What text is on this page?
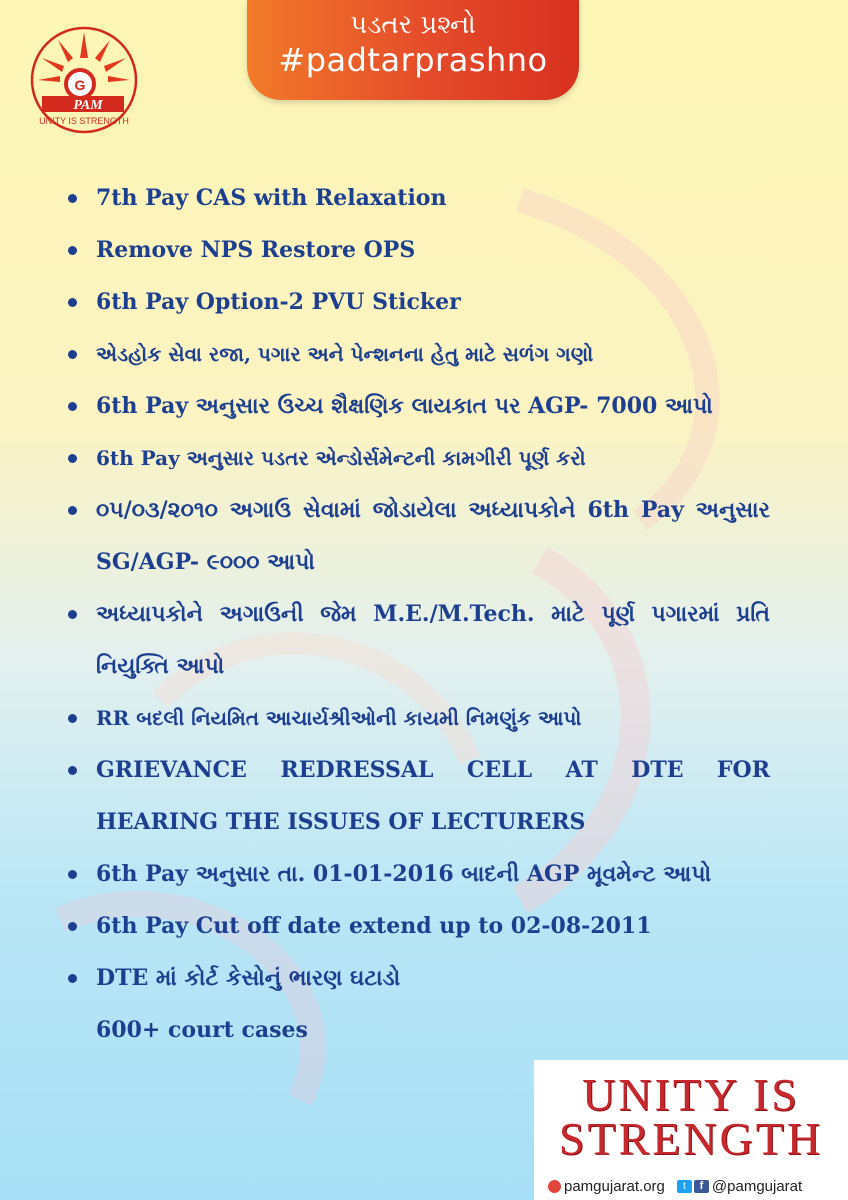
G
PAM
UNITY IS STRENGTH
પડતર પ્રશ્નો
#padtarprashno
7th Pay CAS with Relaxation
Remove NPS Restore OPS
6th Pay Option-2 PVU Sticker
એડહોક સેવા રજા, પગાર અને પેન્શનના હેતુ માટે સળંગ ગણો
6th Pay અનુસાર ઉચ્ચ શૈક્ષણિક લાયકાત પર AGP- 7000 આપો
6th Pay અનુસાર પડતર એન્ડોર્સમેન્ટની કામગીરી પૂર્ણ કરો
૦૫/૦૩/૨૦૧૦ અગાઉ સેવામાં જોડાયેલા અધ્યાપકોને 6th Pay અનુસાર SG/AGP- ૯૦૦૦ આપો
અધ્યાપકોને અગાઉની જેમ M.E./M.Tech. માટે પૂર્ણ પગારમાં પ્રતિ નિયુક્તિ આપો
RR બદલી નિયમિત આચાર્યશ્રીઓની કાયમી નિમણુંક આપો
GRIEVANCE REDRESSAL CELL AT DTE FOR HEARING THE ISSUES OF LECTURERS
6th Pay અનુસાર તા. 01-01-2016 બાદની AGP મૂવમેન્ટ આપો
6th Pay Cut off date extend up to 02-08-2011
DTE માં કોર્ટ કેસોનું ભારણ ઘટાડો
600+ court cases
UNITY IS
STRENGTH
pamgujarat.org	t	f @pamgujarat
